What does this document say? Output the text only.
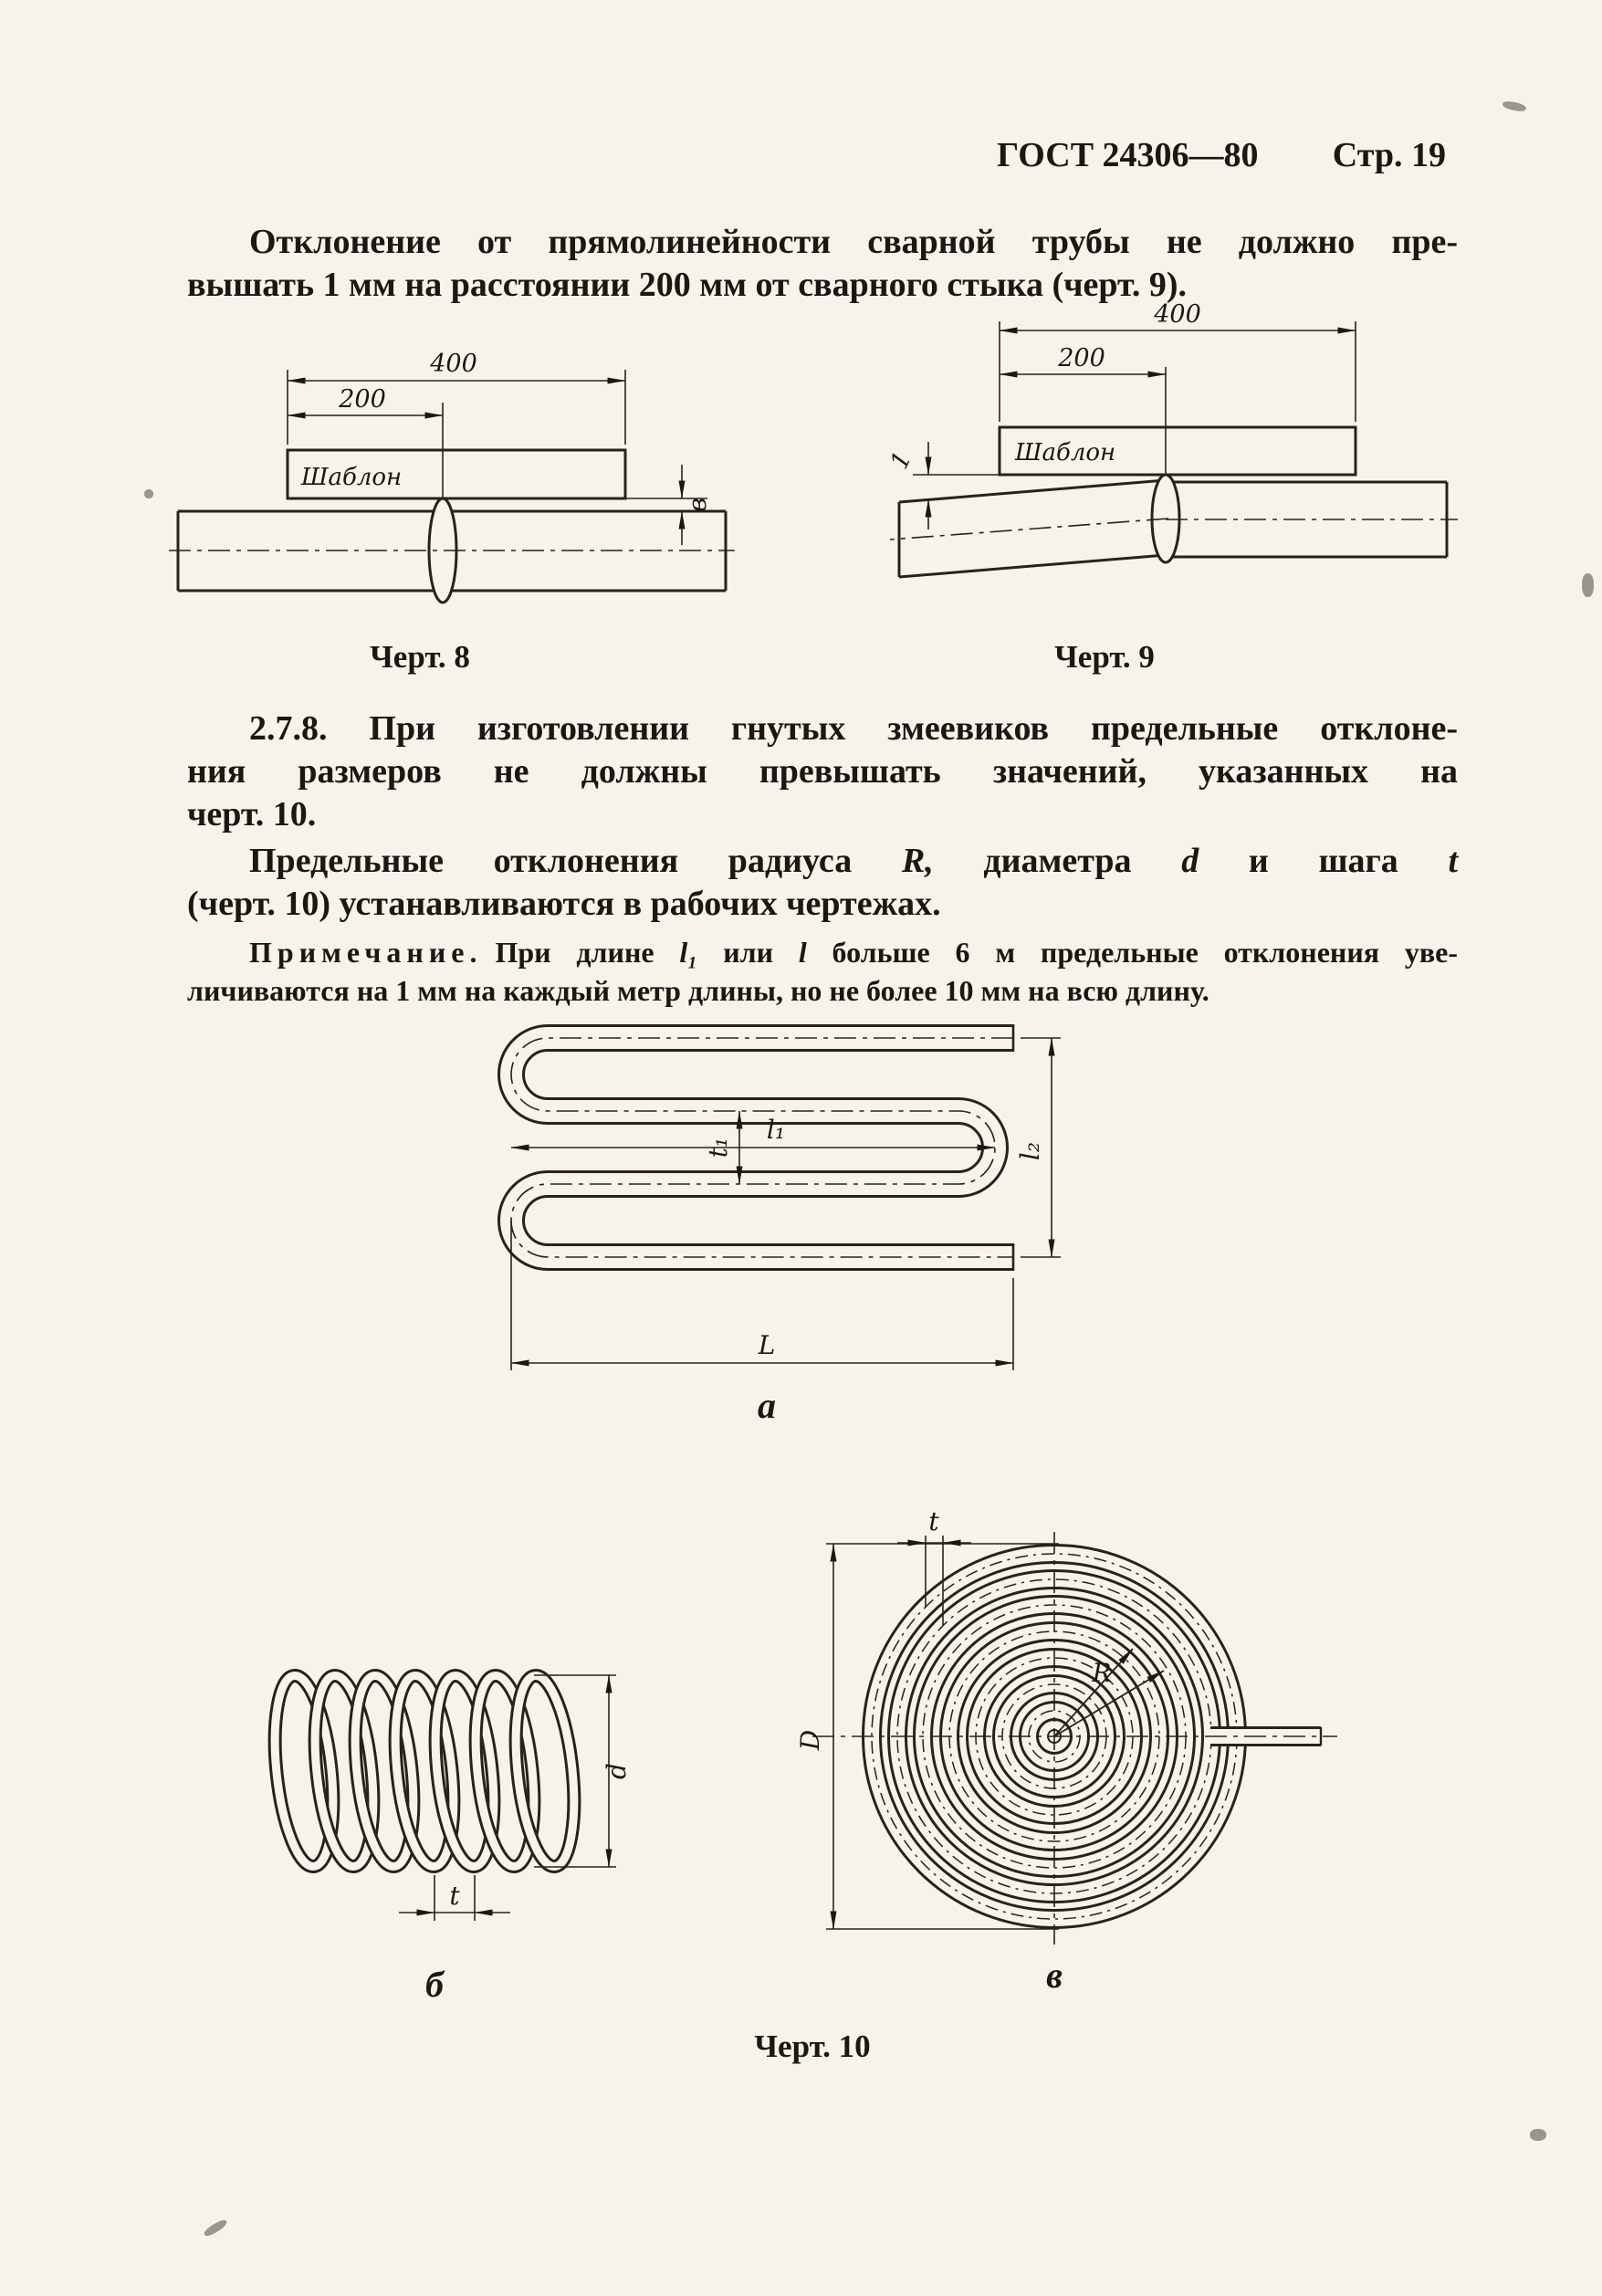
ГОСТ 24306—80 Стр. 19
Отклонение от прямолинейности сварной трубы не должно пре-
вышать 1 мм на расстоянии 200 мм от сварного стыка (черт. 9).
400
200
Шаблон
в
400
200
Шаблон
1
Черт. 8	Черт. 9
2.7.8. При изготовлении гнутых змеевиков предельные отклоне-
ния размеров не должны превышать значений, указанных на
черт. 10.
Предельные отклонения радиуса R, диаметра d и шага t
(черт. 10) устанавливаются в рабочих чертежах.
Примечание. При длине l₁ или l больше 6 м предельные отклонения уве-
личиваются на 1 мм на каждый метр длины, но не более 10 мм на всю длину.
l₁
t₁
L
l₂
а
d
t
б
D
t
R
в
Черт. 10
